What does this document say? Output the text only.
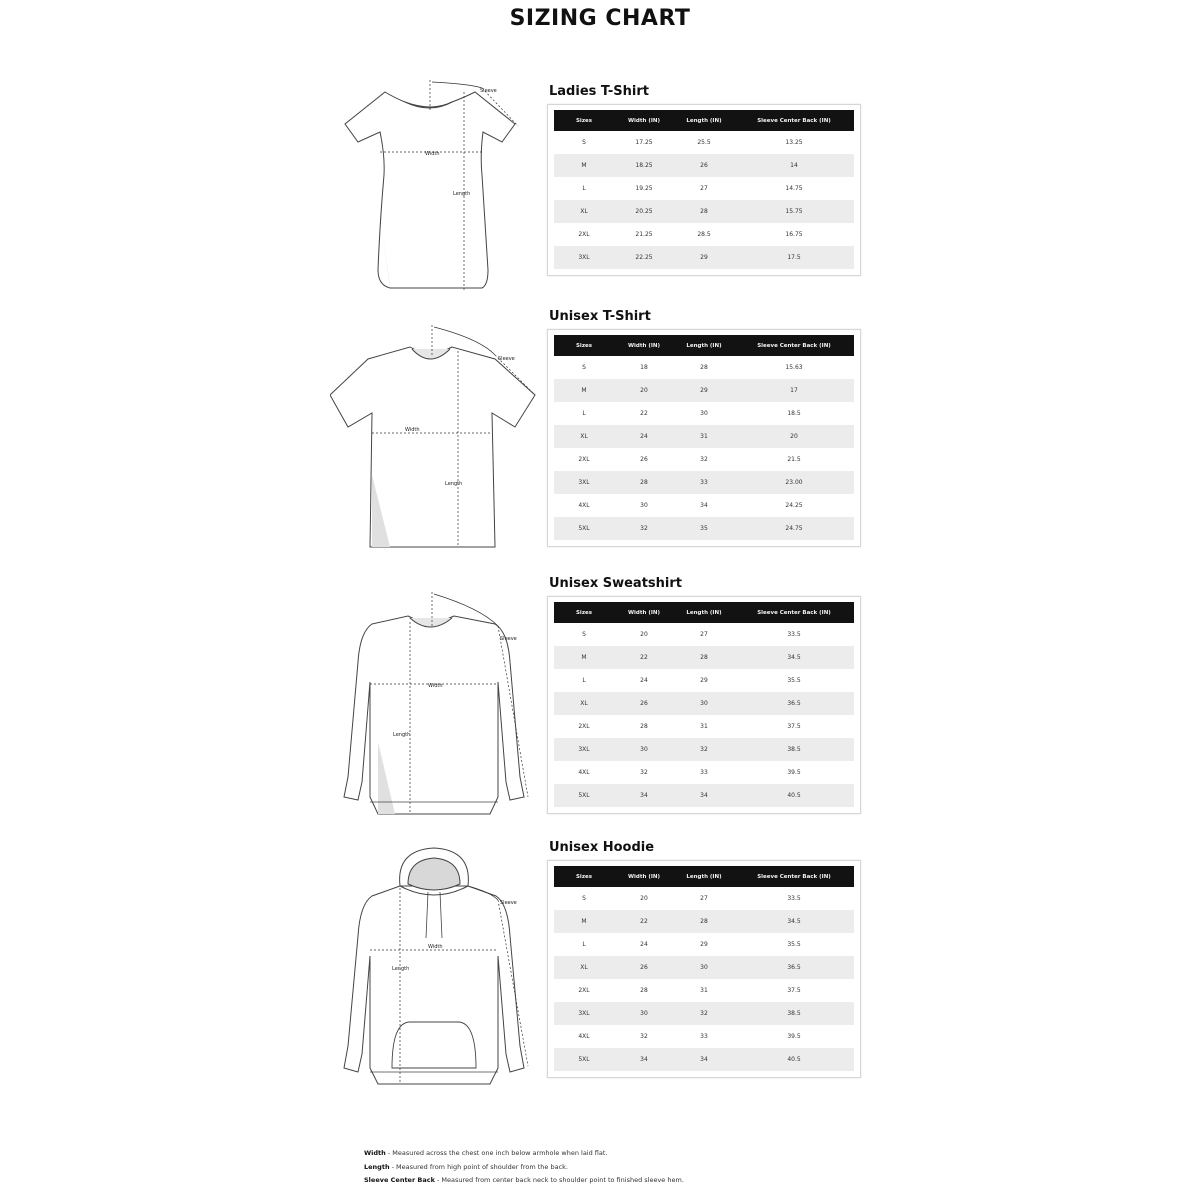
SIZING CHART
Sleeve
Width
Length
Ladies T-Shirt
Sizes	Width (IN)	Length (IN)	Sleeve Center Back (IN)
S	17.25	25.5	13.25
M	18.25	26	14
L	19.25	27	14.75
XL	20.25	28	15.75
2XL	21.25	28.5	16.75
3XL	22.25	29	17.5
Sleeve
Width
Length
Unisex T-Shirt
Sizes	Width (IN)	Length (IN)	Sleeve Center Back (IN)
S	18	28	15.63
M	20	29	17
L	22	30	18.5
XL	24	31	20
2XL	26	32	21.5
3XL	28	33	23.00
4XL	30	34	24.25
5XL	32	35	24.75
Sleeve
Width
Length
Unisex Sweatshirt
Sizes	Width (IN)	Length (IN)	Sleeve Center Back (IN)
S	20	27	33.5
M	22	28	34.5
L	24	29	35.5
XL	26	30	36.5
2XL	28	31	37.5
3XL	30	32	38.5
4XL	32	33	39.5
5XL	34	34	40.5
Sleeve
Width
Length
Unisex Hoodie
Sizes	Width (IN)	Length (IN)	Sleeve Center Back (IN)
S	20	27	33.5
M	22	28	34.5
L	24	29	35.5
XL	26	30	36.5
2XL	28	31	37.5
3XL	30	32	38.5
4XL	32	33	39.5
5XL	34	34	40.5
Width - Measured across the chest one inch below armhole when laid flat.
Length - Measured from high point of shoulder from the back.
Sleeve Center Back - Measured from center back neck to shoulder point to finished sleeve hem.
